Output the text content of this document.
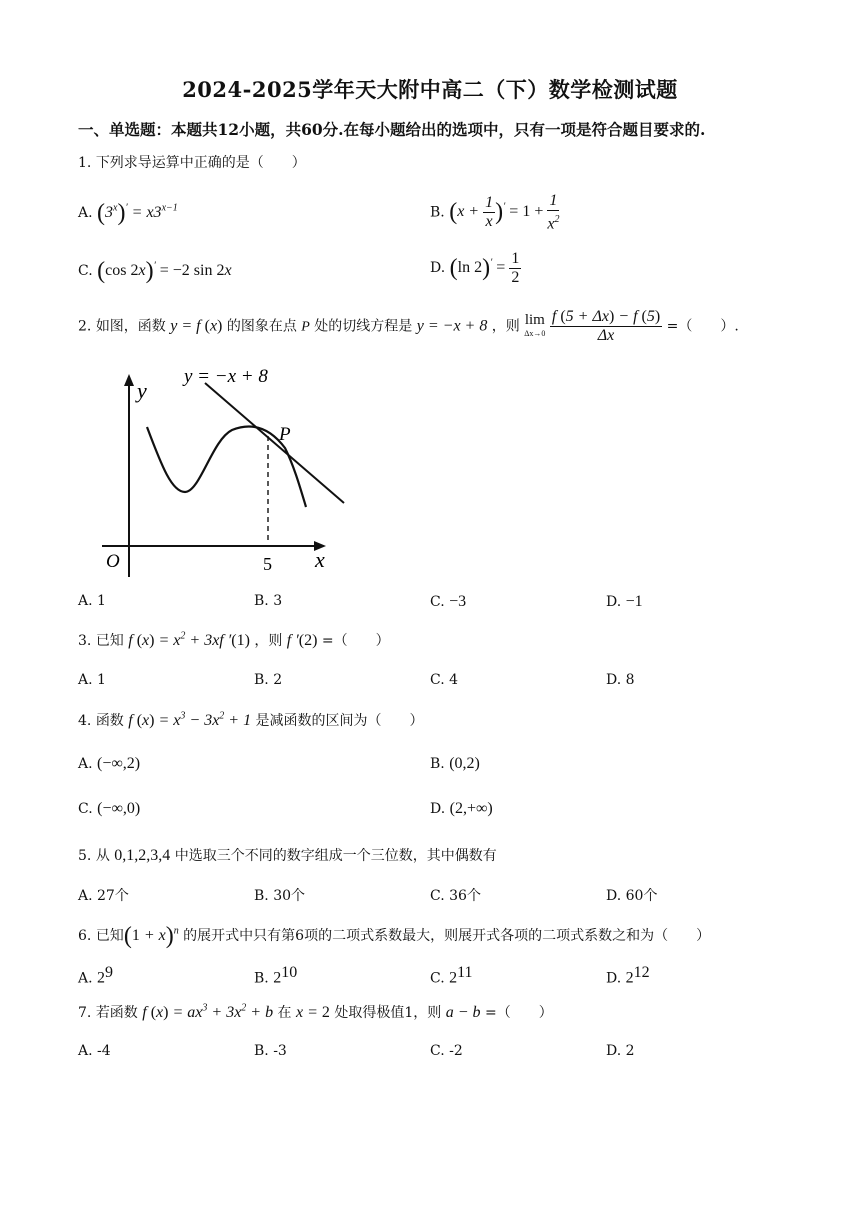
2024-2025学年天大附中高二（下）数学检测试题
一、单选题：本题共12小题，共60分.在每小题给出的选项中，只有一项是符合题目要求的.
1. 下列求导运算中正确的是（　　）
A. $(3^x)' = x3^{x-1}$	B. $(x + \frac{1}{x} )' = 1 + \frac{1}{x^2}$
C. (cos 2x)′ = −2 sin 2x	D. (ln $2)' = \frac{1}{2}$
2. 如图，函数 y = f (x) 的图象在点 P 处的切线方程是 y = −x + 8 ，则 lim
Δx→0
$\frac{f (5 + \Delta x) - f (5)}{\Delta x}$ =（　　）.
y = −x + 8
y
x
O
P
5
A. 1	B. 3	C. −3	D. −1
3. 已知 f $(x) = x^2 + 3xf$ ′(1) ，则 f ′(2) =（　　）
A. 1	B. 2	C. 4	D. 8
4. 函数 f $(x) = x^3 - 3x^2 + 1$ 是减函数的区间为（　　）
A. (−∞,2)	B. (0,2)
C. (−∞,0)	D. (2,+∞)
5. 从 0,1,2,3,4 中选取三个不同的数字组成一个三位数，其中偶数有
A. 27个	B. 30个	C. 36个	D. 60个
6. 已知$(1 + x)^n$ 的展开式中只有第6项的二项式系数最大，则展开式各项的二项式系数之和为（　　）
A. $2^9$	B. $2^{10}$	C. $2^{11}$	D. $2^{12}$
7. 若函数 f $(x) = ax^3 + 3x^2 + b$ 在 x = 2 处取得极值1，则 a − b =（　　）
A. -4	B. -3	C. -2	D. 2
